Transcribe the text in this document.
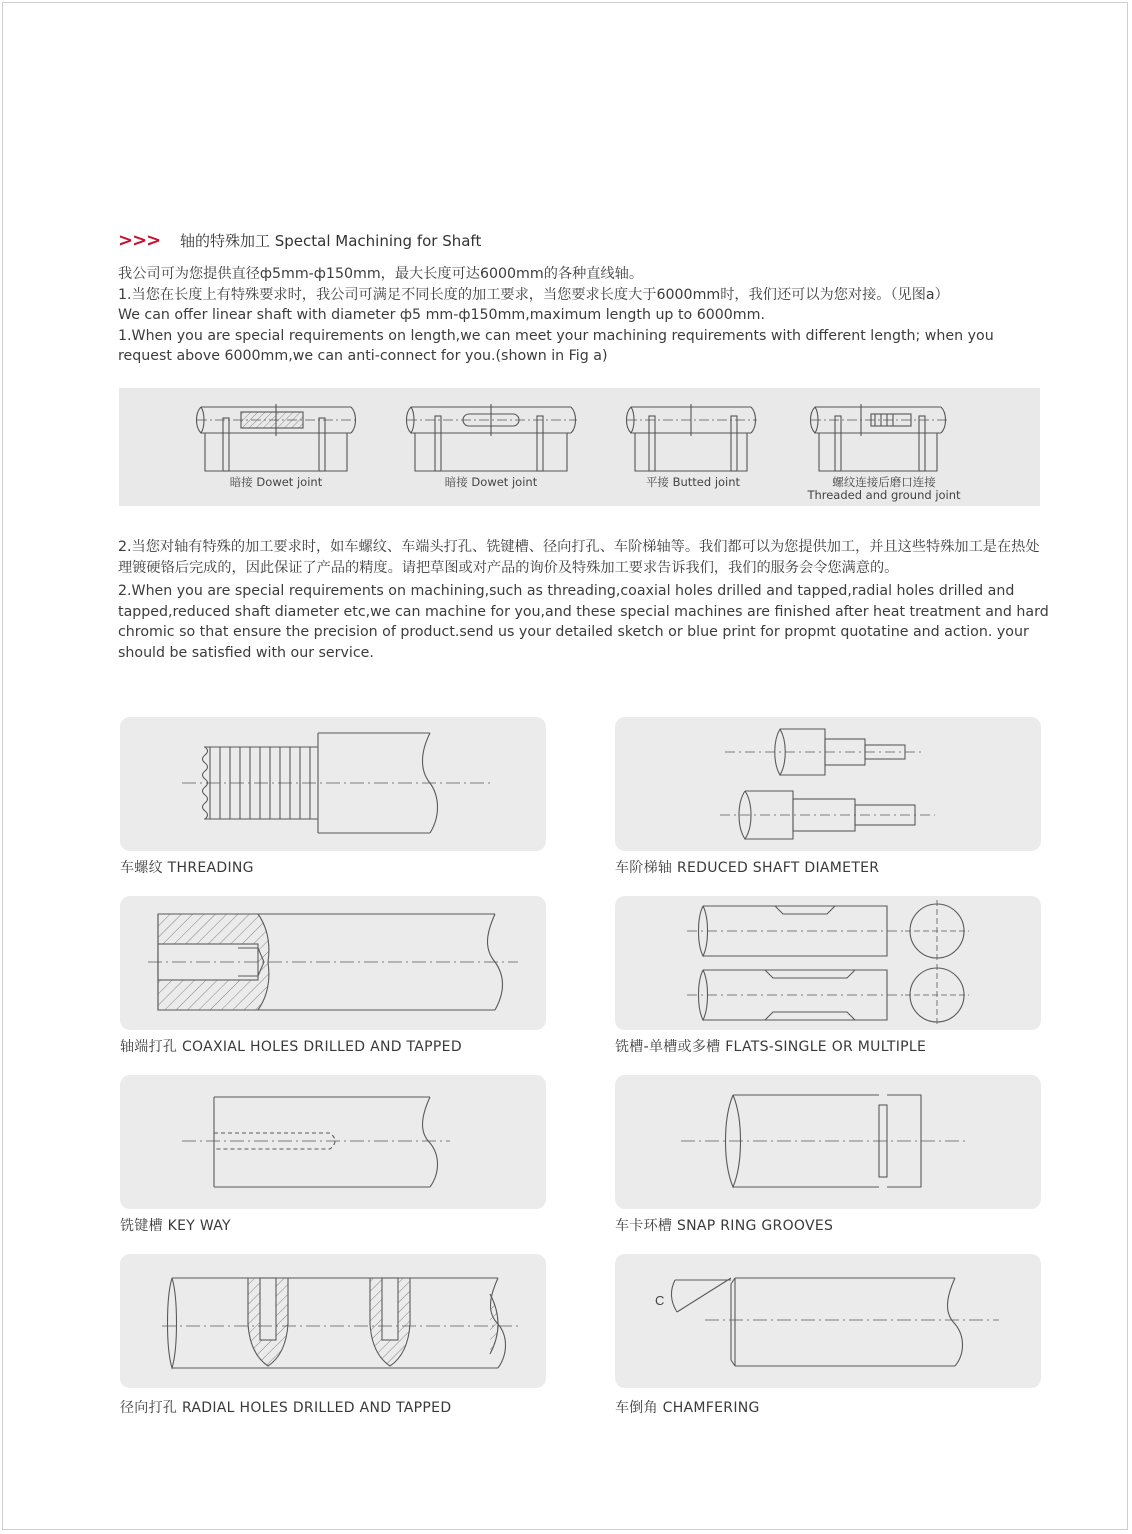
>>>	轴的特殊加工 Spectal Machining for Shaft

我公司可为您提供直径ф5mm-ф150mm，最大长度可达6000mm的各种直线轴。

1.当您在长度上有特殊要求时，我公司可满足不同长度的加工要求，当您要求长度大于6000mm时，我们还可以为您对接。（见图a）

We can offer linear shaft with diameter ф5 mm-ф150mm,maximum length up to 6000mm.

1.When you are special requirements on length,we can meet your machining requirements with different length; when you request above 6000mm,we can anti-connect for you.(shown in Fig a)

暗接 Dowet joint	暗接 Dowet joint	平接 Butted joint	螺纹连接后磨口连接
Threaded and ground joint

2.当您对轴有特殊的加工要求时，如车螺纹、车端头打孔、铣键槽、径向打孔、车阶梯轴等。我们都可以为您提供加工，并且这些特殊加工是在热处理镀硬铬后完成的，因此保证了产品的精度。请把草图或对产品的询价及特殊加工要求告诉我们，我们的服务会令您满意的。

2.When you are special requirements on machining,such as threading,coaxial holes drilled and tapped,radial holes drilled and tapped,reduced shaft diameter etc,we can machine for you,and these special machines are finished after heat treatment and hard chromic so that ensure the precision of product.send us your detailed sketch or blue print for propmt quotatine and action. your should be satisfied with our service.

车螺纹 THREADING	车阶梯轴 REDUCED SHAFT DIAMETER
轴端打孔 COAXIAL HOLES DRILLED AND TAPPED	铣槽-单槽或多槽 FLATS-SINGLE OR MULTIPLE
铣键槽 KEY WAY	车卡环槽 SNAP RING GROOVES
径向打孔 RADIAL HOLES DRILLED AND TAPPED
C
车倒角 CHAMFERING
